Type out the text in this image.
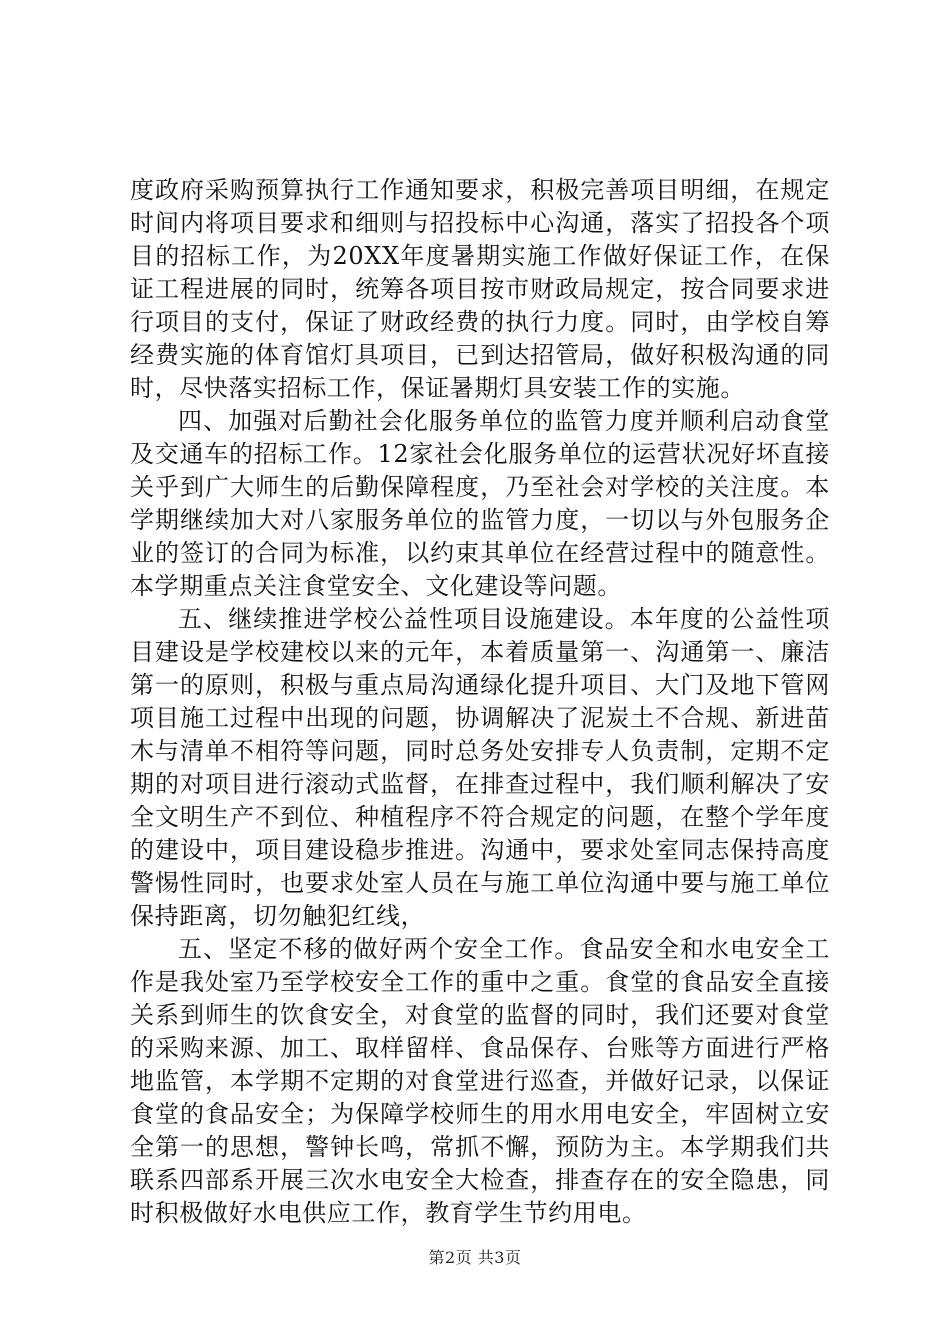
度政府采购预算执行工作通知要求，积极完善项目明细，在规定时间内将项目要求和细则与招投标中心沟通，落实了招投各个项目的招标工作，为20XX年度暑期实施工作做好保证工作，在保证工程进展的同时，统筹各项目按市财政局规定，按合同要求进行项目的支付，保证了财政经费的执行力度。同时，由学校自筹经费实施的体育馆灯具项目，已到达招管局，做好积极沟通的同时，尽快落实招标工作，保证暑期灯具安装工作的实施。

四、加强对后勤社会化服务单位的监管力度并顺利启动食堂及交通车的招标工作。12家社会化服务单位的运营状况好坏直接关乎到广大师生的后勤保障程度，乃至社会对学校的关注度。本学期继续加大对八家服务单位的监管力度，一切以与外包服务企业的签订的合同为标准，以约束其单位在经营过程中的随意性。本学期重点关注食堂安全、文化建设等问题。

五、继续推进学校公益性项目设施建设。本年度的公益性项目建设是学校建校以来的元年，本着质量第一、沟通第一、廉洁第一的原则，积极与重点局沟通绿化提升项目、大门及地下管网项目施工过程中出现的问题，协调解决了泥炭土不合规、新进苗木与清单不相符等问题，同时总务处安排专人负责制，定期不定期的对项目进行滚动式监督，在排查过程中，我们顺利解决了安全文明生产不到位、种植程序不符合规定的问题，在整个学年度的建设中，项目建设稳步推进。沟通中，要求处室同志保持高度警惕性同时，也要求处室人员在与施工单位沟通中要与施工单位保持距离，切勿触犯红线，

五、坚定不移的做好两个安全工作。食品安全和水电安全工作是我处室乃至学校安全工作的重中之重。食堂的食品安全直接关系到师生的饮食安全，对食堂的监督的同时，我们还要对食堂的采购来源、加工、取样留样、食品保存、台账等方面进行严格地监管，本学期不定期的对食堂进行巡查，并做好记录，以保证食堂的食品安全；为保障学校师生的用水用电安全，牢固树立安全第一的思想，警钟长鸣，常抓不懈，预防为主。本学期我们共联系四部系开展三次水电安全大检查，排查存在的安全隐患，同时积极做好水电供应工作，教育学生节约用电。

第2页 共3页
